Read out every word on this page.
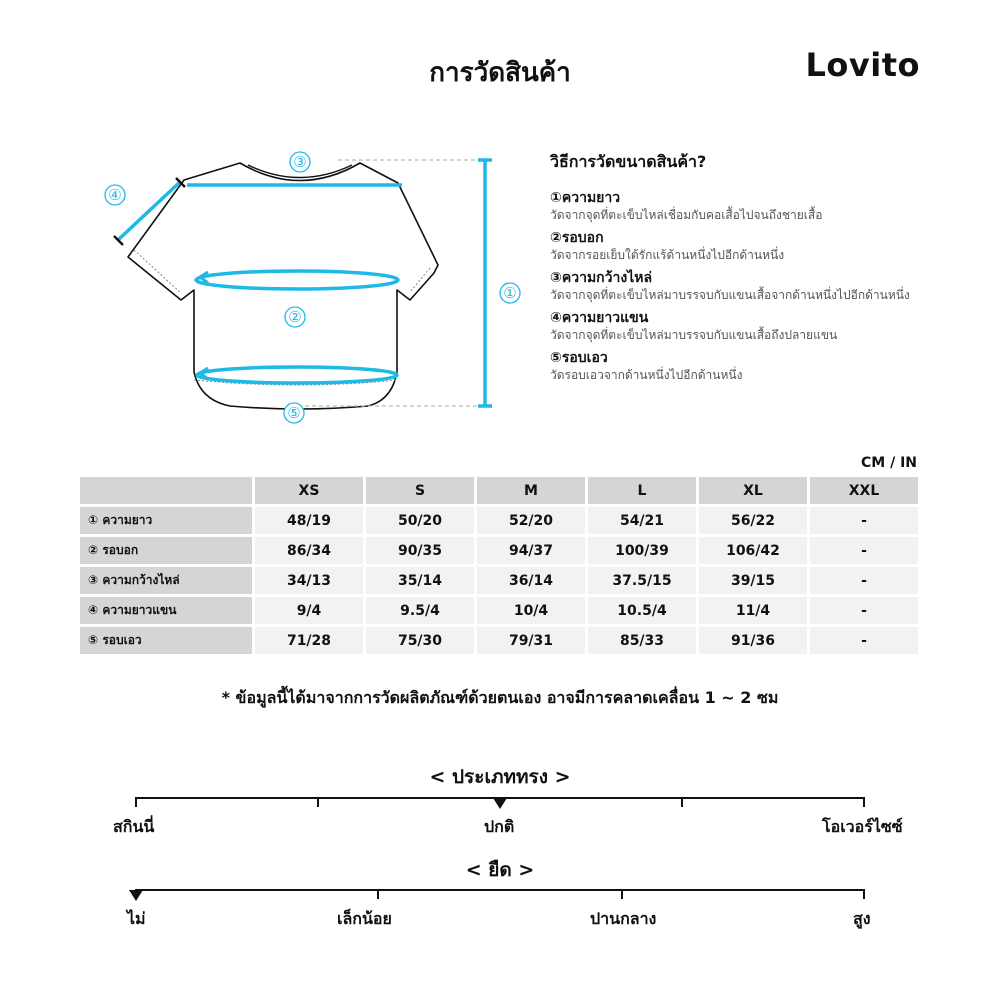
การวัดสินค้า	Lovito
①
②
③
④
⑤
วิธีการวัดขนาดสินค้า?
①ความยาว
วัดจากจุดที่ตะเข็บไหล่เชื่อมกับคอเสื้อไปจนถึงชายเสื้อ
②รอบอก
วัดจากรอยเย็บใต้รักแร้ด้านหนึ่งไปอีกด้านหนึ่ง
③ความกว้างไหล่
วัดจากจุดที่ตะเข็บไหล่มาบรรจบกับแขนเสื้อจากด้านหนึ่งไปอีกด้านหนึ่ง
④ความยาวแขน
วัดจากจุดที่ตะเข็บไหล่มาบรรจบกับแขนเสื้อถึงปลายแขน
⑤รอบเอว
วัดรอบเอวจากด้านหนึ่งไปอีกด้านหนึ่ง
CM / IN
	XS	S	M	L	XL	XXL
① ความยาว	48/19	50/20	52/20	54/21	56/22	-
② รอบอก	86/34	90/35	94/37	100/39	106/42	-
③ ความกว้างไหล่	34/13	35/14	36/14	37.5/15	39/15	-
④ ความยาวแขน	9/4	9.5/4	10/4	10.5/4	11/4	-
⑤ รอบเอว	71/28	75/30	79/31	85/33	91/36	-
* ข้อมูลนี้ได้มาจากการวัดผลิตภัณฑ์ด้วยตนเอง อาจมีการคลาดเคลื่อน 1 ~ 2 ซม
< ประเภททรง >
สกินนี่	ปกติ	โอเวอร์ไซซ์
< ยืด >
ไม่	เล็กน้อย	ปานกลาง	สูง
